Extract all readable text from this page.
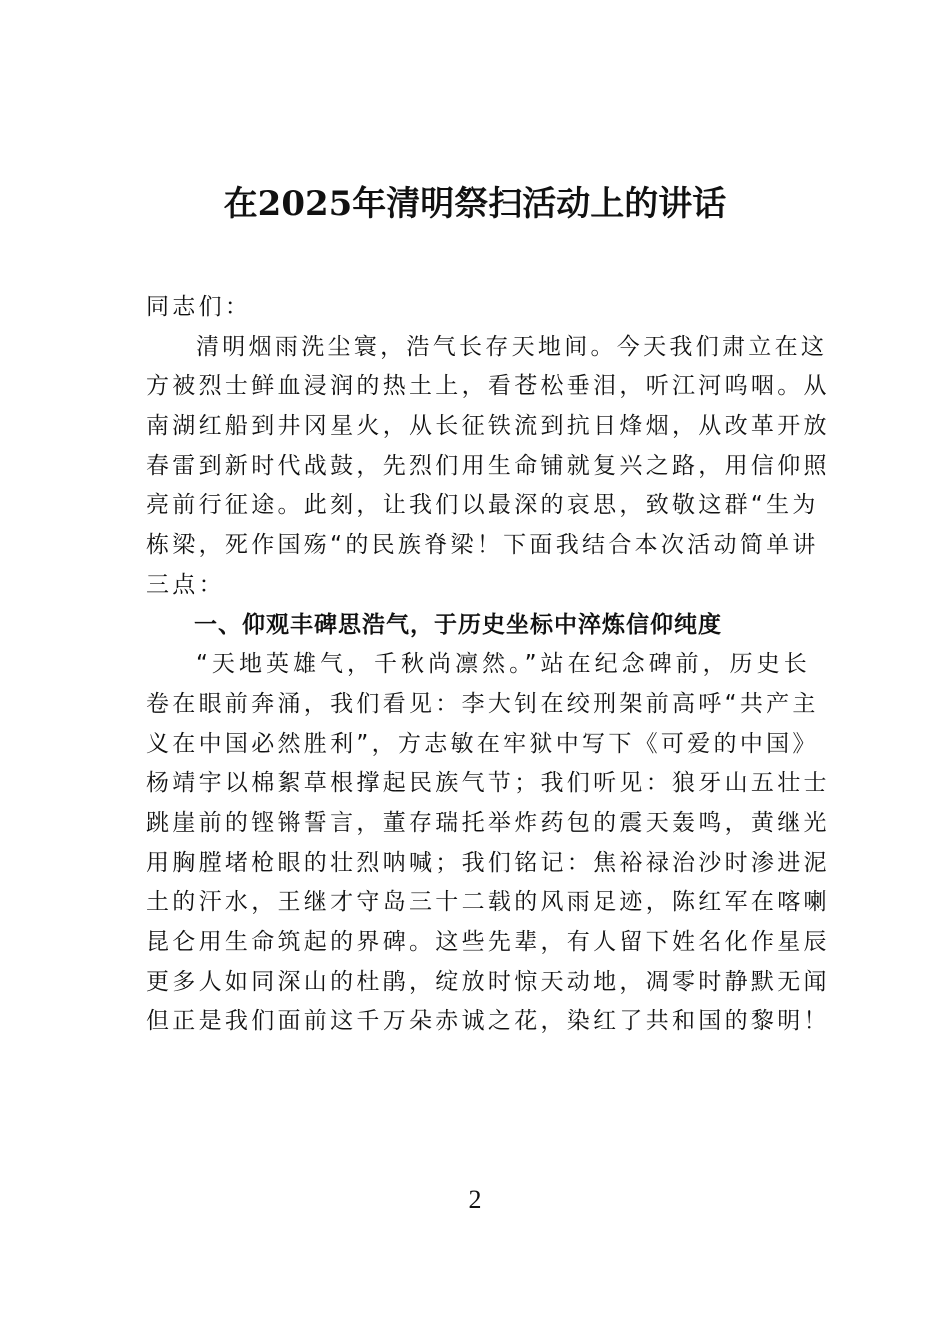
在2025年清明祭扫活动上的讲话
同志们：
清明烟雨洗尘寰，浩气长存天地间。今天我们肃立在这
方被烈士鲜血浸润的热土上，看苍松垂泪，听江河呜咽。从
南湖红船到井冈星火，从长征铁流到抗日烽烟，从改革开放
春雷到新时代战鼓，先烈们用生命铺就复兴之路，用信仰照
亮前行征途。此刻，让我们以最深的哀思，致敬这群“生为
栋梁，死作国殇“的民族脊梁！下面我结合本次活动简单讲
三点：
一、仰观丰碑思浩气，于历史坐标中淬炼信仰纯度
“天地英雄气，千秋尚凛然。”站在纪念碑前，历史长
卷在眼前奔涌，我们看见：李大钊在绞刑架前高呼“共产主
义在中国必然胜利”，方志敏在牢狱中写下《可爱的中国》
杨靖宇以棉絮草根撑起民族气节；我们听见：狼牙山五壮士
跳崖前的铿锵誓言，董存瑞托举炸药包的震天轰鸣，黄继光
用胸膛堵枪眼的壮烈呐喊；我们铭记：焦裕禄治沙时渗进泥
土的汗水，王继才守岛三十二载的风雨足迹，陈红军在喀喇
昆仑用生命筑起的界碑。这些先辈，有人留下姓名化作星辰
更多人如同深山的杜鹃，绽放时惊天动地，凋零时静默无闻
但正是我们面前这千万朵赤诚之花，染红了共和国的黎明！
2
